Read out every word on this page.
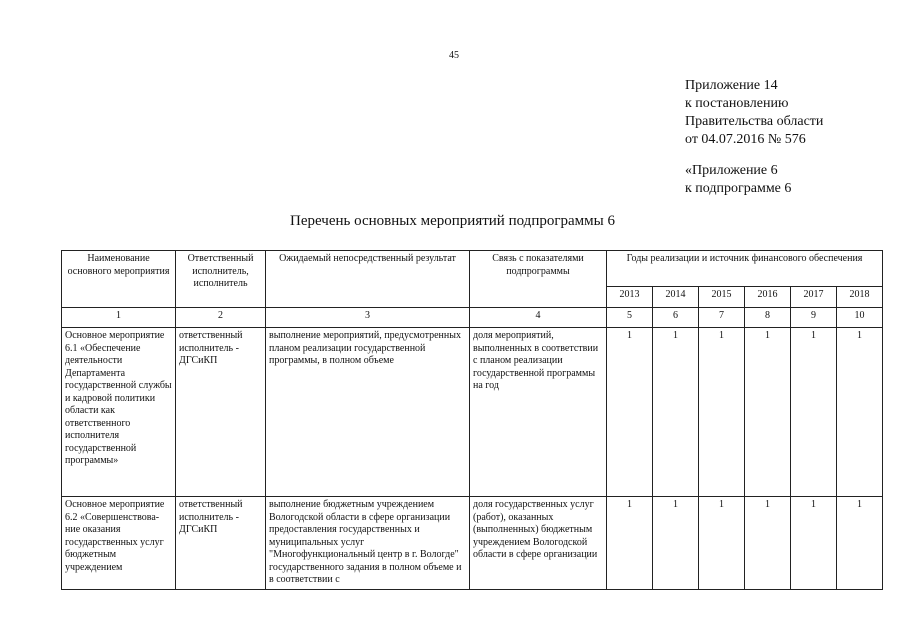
45
Приложение 14
к постановлению
Правительства области
от 04.07.2016 № 576
«Приложение 6
к подпрограмме 6
Перечень основных мероприятий подпрограммы 6
Наименование основного мероприятия	Ответственный исполнитель, исполнитель	Ожидаемый непосредственный результат	Связь с показателями подпрограммы	Годы реализации и источник финансового обеспечения					
				2013	2014	2015	2016	2017	2018
1	2	3	4	5	6	7	8	9	10
Основное мероприятие 6.1 «Обеспечение деятельности Департамента государственной службы и кадровой политики области как ответственного исполнителя государственной программы»	ответственный исполнитель - ДГСиКП	выполнение мероприятий, предусмотренных планом реализации государственной программы, в полном объеме	доля мероприятий, выполненных в соответствии с планом реализации государственной программы на год	1	1	1	1	1	1
Основное мероприятие 6.2 «Совершенствова-ние оказания государственных услуг бюджетным учреждением	ответственный исполнитель - ДГСиКП	выполнение бюджетным учреждением Вологодской области в сфере организации предоставления государственных и муниципальных услуг "Многофункциональный центр в г. Вологде" государственного задания в полном объеме и в соответствии с	доля государственных услуг (работ), оказанных (выполненных) бюджетным учреждением Вологодской области в сфере организации	1	1	1	1	1	1
